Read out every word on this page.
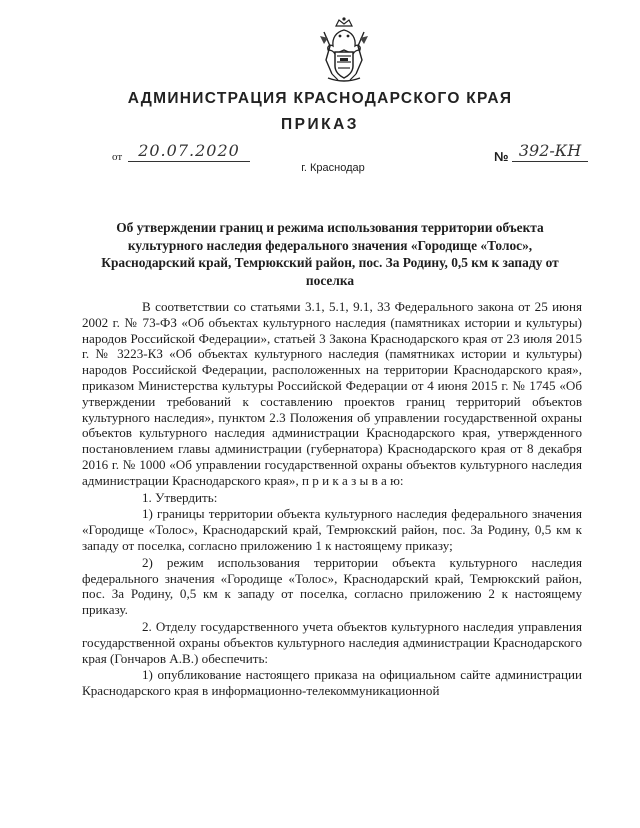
АДМИНИСТРАЦИЯ КРАСНОДАРСКОГО КРАЯ
ПРИКАЗ
от	20.07.2020	№ 392-КН
г. Краснодар
Об утверждении границ и режима использования территории объекта культурного наследия федерального значения «Городище «Толос», Краснодарский край, Темрюкский район, пос. За Родину, 0,5 км к западу от поселка

В соответствии со статьями 3.1, 5.1, 9.1, 33 Федерального закона от 25 июня 2002 г. № 73-ФЗ «Об объектах культурного наследия (памятниках истории и культуры) народов Российской Федерации», статьей 3 Закона Краснодарского края от 23 июля 2015 г. № 3223-КЗ «Об объектах культурного наследия (памятниках истории и культуры) народов Российской Федерации, расположенных на территории Краснодарского края», приказом Министерства культуры Российской Федерации от 4 июня 2015 г. № 1745 «Об утверждении требований к составлению проектов границ территорий объектов культурного наследия», пунктом 2.3 Положения об управлении государственной охраны объектов культурного наследия администрации Краснодарского края, утвержденного постановлением главы администрации (губернатора) Краснодарского края от 8 декабря 2016 г. № 1000 «Об управлении государственной охраны объектов культурного наследия администрации Краснодарского края», п р и к а з ы в а ю:

1. Утвердить:

1) границы территории объекта культурного наследия федерального значения «Городище «Толос», Краснодарский край, Темрюкский район, пос. За Родину, 0,5 км к западу от поселка, согласно приложению 1 к настоящему приказу;

2) режим использования территории объекта культурного наследия федерального значения «Городище «Толос», Краснодарский край, Темрюкский район, пос. За Родину, 0,5 км к западу от поселка, согласно приложению 2 к настоящему приказу.

2. Отделу государственного учета объектов культурного наследия управления государственной охраны объектов культурного наследия администрации Краснодарского края (Гончаров А.В.) обеспечить:

1) опубликование настоящего приказа на официальном сайте администрации Краснодарского края в информационно-телекоммуникационной
